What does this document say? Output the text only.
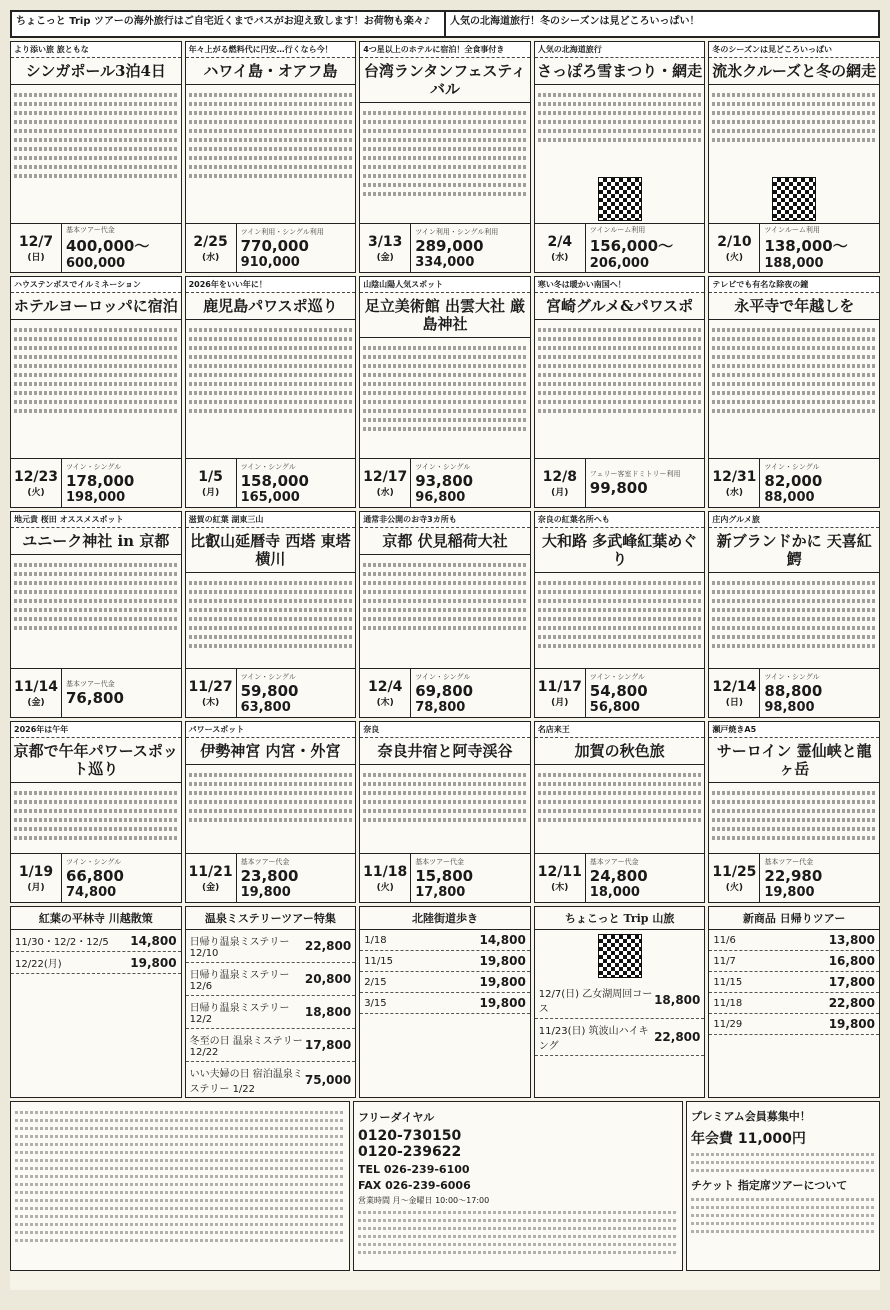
ちょこっと Trip ツアーの海外旅行はご自宅近くまでバスがお迎え致します！お荷物も楽々♪	人気の北海道旅行！冬のシーズンは見どころいっぱい！
より添い旅 旅ともな
シンガポール3泊4日
12/7
(日)
基本ツアー代金
400,000～
600,000
年々上がる燃料代に円安…行くなら今！
ハワイ島・オアフ島
2/25
(水)
ツイン利用・シングル利用
770,000
910,000
4つ星以上のホテルに宿泊！全食事付き
台湾ランタンフェスティバル
3/13
(金)
ツイン利用・シングル利用
289,000
334,000
人気の北海道旅行
さっぽろ雪まつり・網走
2/4
(水)
ツインルーム利用
156,000～
206,000
冬のシーズンは見どころいっぱい
流氷クルーズと冬の網走
2/10
(火)
ツインルーム利用
138,000～
188,000
ハウステンボスでイルミネーション
ホテルヨーロッパに宿泊
12/23
(火)
ツイン・シングル
178,000
198,000
2026年をいい年に！
鹿児島パワスポ巡り
1/5
(月)
ツイン・シングル
158,000
165,000
山陰山陽人気スポット
足立美術館 出雲大社 厳島神社
12/17
(水)
ツイン・シングル
93,800
96,800
寒い冬は暖かい南国へ！
宮崎グルメ&パワスポ
12/8
(月)
フェリー客室ドミトリー利用
99,800
テレビでも有名な除夜の鐘
永平寺で年越しを
12/31
(水)
ツイン・シングル
82,000
88,000
地元貴 桜田 オススメスポット
ユニーク神社 in 京都
11/14
(金)
基本ツアー代金
76,800
滋賀の紅葉 湖東三山
比叡山延暦寺 西塔 東塔 横川
11/27
(木)
ツイン・シングル
59,800
63,800
通常非公開のお寺3カ所も
京都 伏見稲荷大社
12/4
(木)
ツイン・シングル
69,800
78,800
奈良の紅葉名所へも
大和路 多武峰紅葉めぐり
11/17
(月)
ツイン・シングル
54,800
56,800
庄内グルメ旅
新ブランドかに 天喜紅鰐
12/14
(日)
ツイン・シングル
88,800
98,800
2026年は午年
京都で午年パワースポット巡り
1/19
(月)
ツイン・シングル
66,800
74,800
パワースポット
伊勢神宮 内宮・外宮
11/21
(金)
基本ツアー代金
23,800
19,800
奈良
奈良井宿と阿寺渓谷
11/18
(火)
基本ツアー代金
15,800
17,800
名店来王
加賀の秋色旅
12/11
(木)
基本ツアー代金
24,800
18,000
瀬戸焼きA5
サーロイン 霊仙峡と龍ヶ岳
11/25
(火)
基本ツアー代金
22,980
19,800
紅葉の平林寺 川越散策
11/30・12/2・12/5 14,800
12/22(月)	19,800
温泉ミステリーツアー特集
日帰り温泉ミステリー 12/10
22,800
日帰り温泉ミステリー 12/6
20,800
日帰り温泉ミステリー 12/2
18,800
冬至の日 温泉ミステリー 12/22
17,800
いい夫婦の日 宿泊温泉ミステリー 1/22
75,000
北陸街道歩き
1/18	14,800
11/15	19,800
2/15	19,800
3/15	19,800
ちょこっと Trip 山旅
12/7(日) 乙女湖周回コース
18,800
11/23(日) 筑波山ハイキング
22,800
新商品 日帰りツアー
11/6	13,800
11/7	16,800
11/15	17,800
11/18	22,800
11/29	19,800
フリーダイヤル
0120-730150
0120-239622
TEL 026-239-6100
FAX 026-239-6006
営業時間 月～金曜日 10:00～17:00
プレミアム会員募集中！
年会費 11,000円
チケット 指定席ツアーについて
